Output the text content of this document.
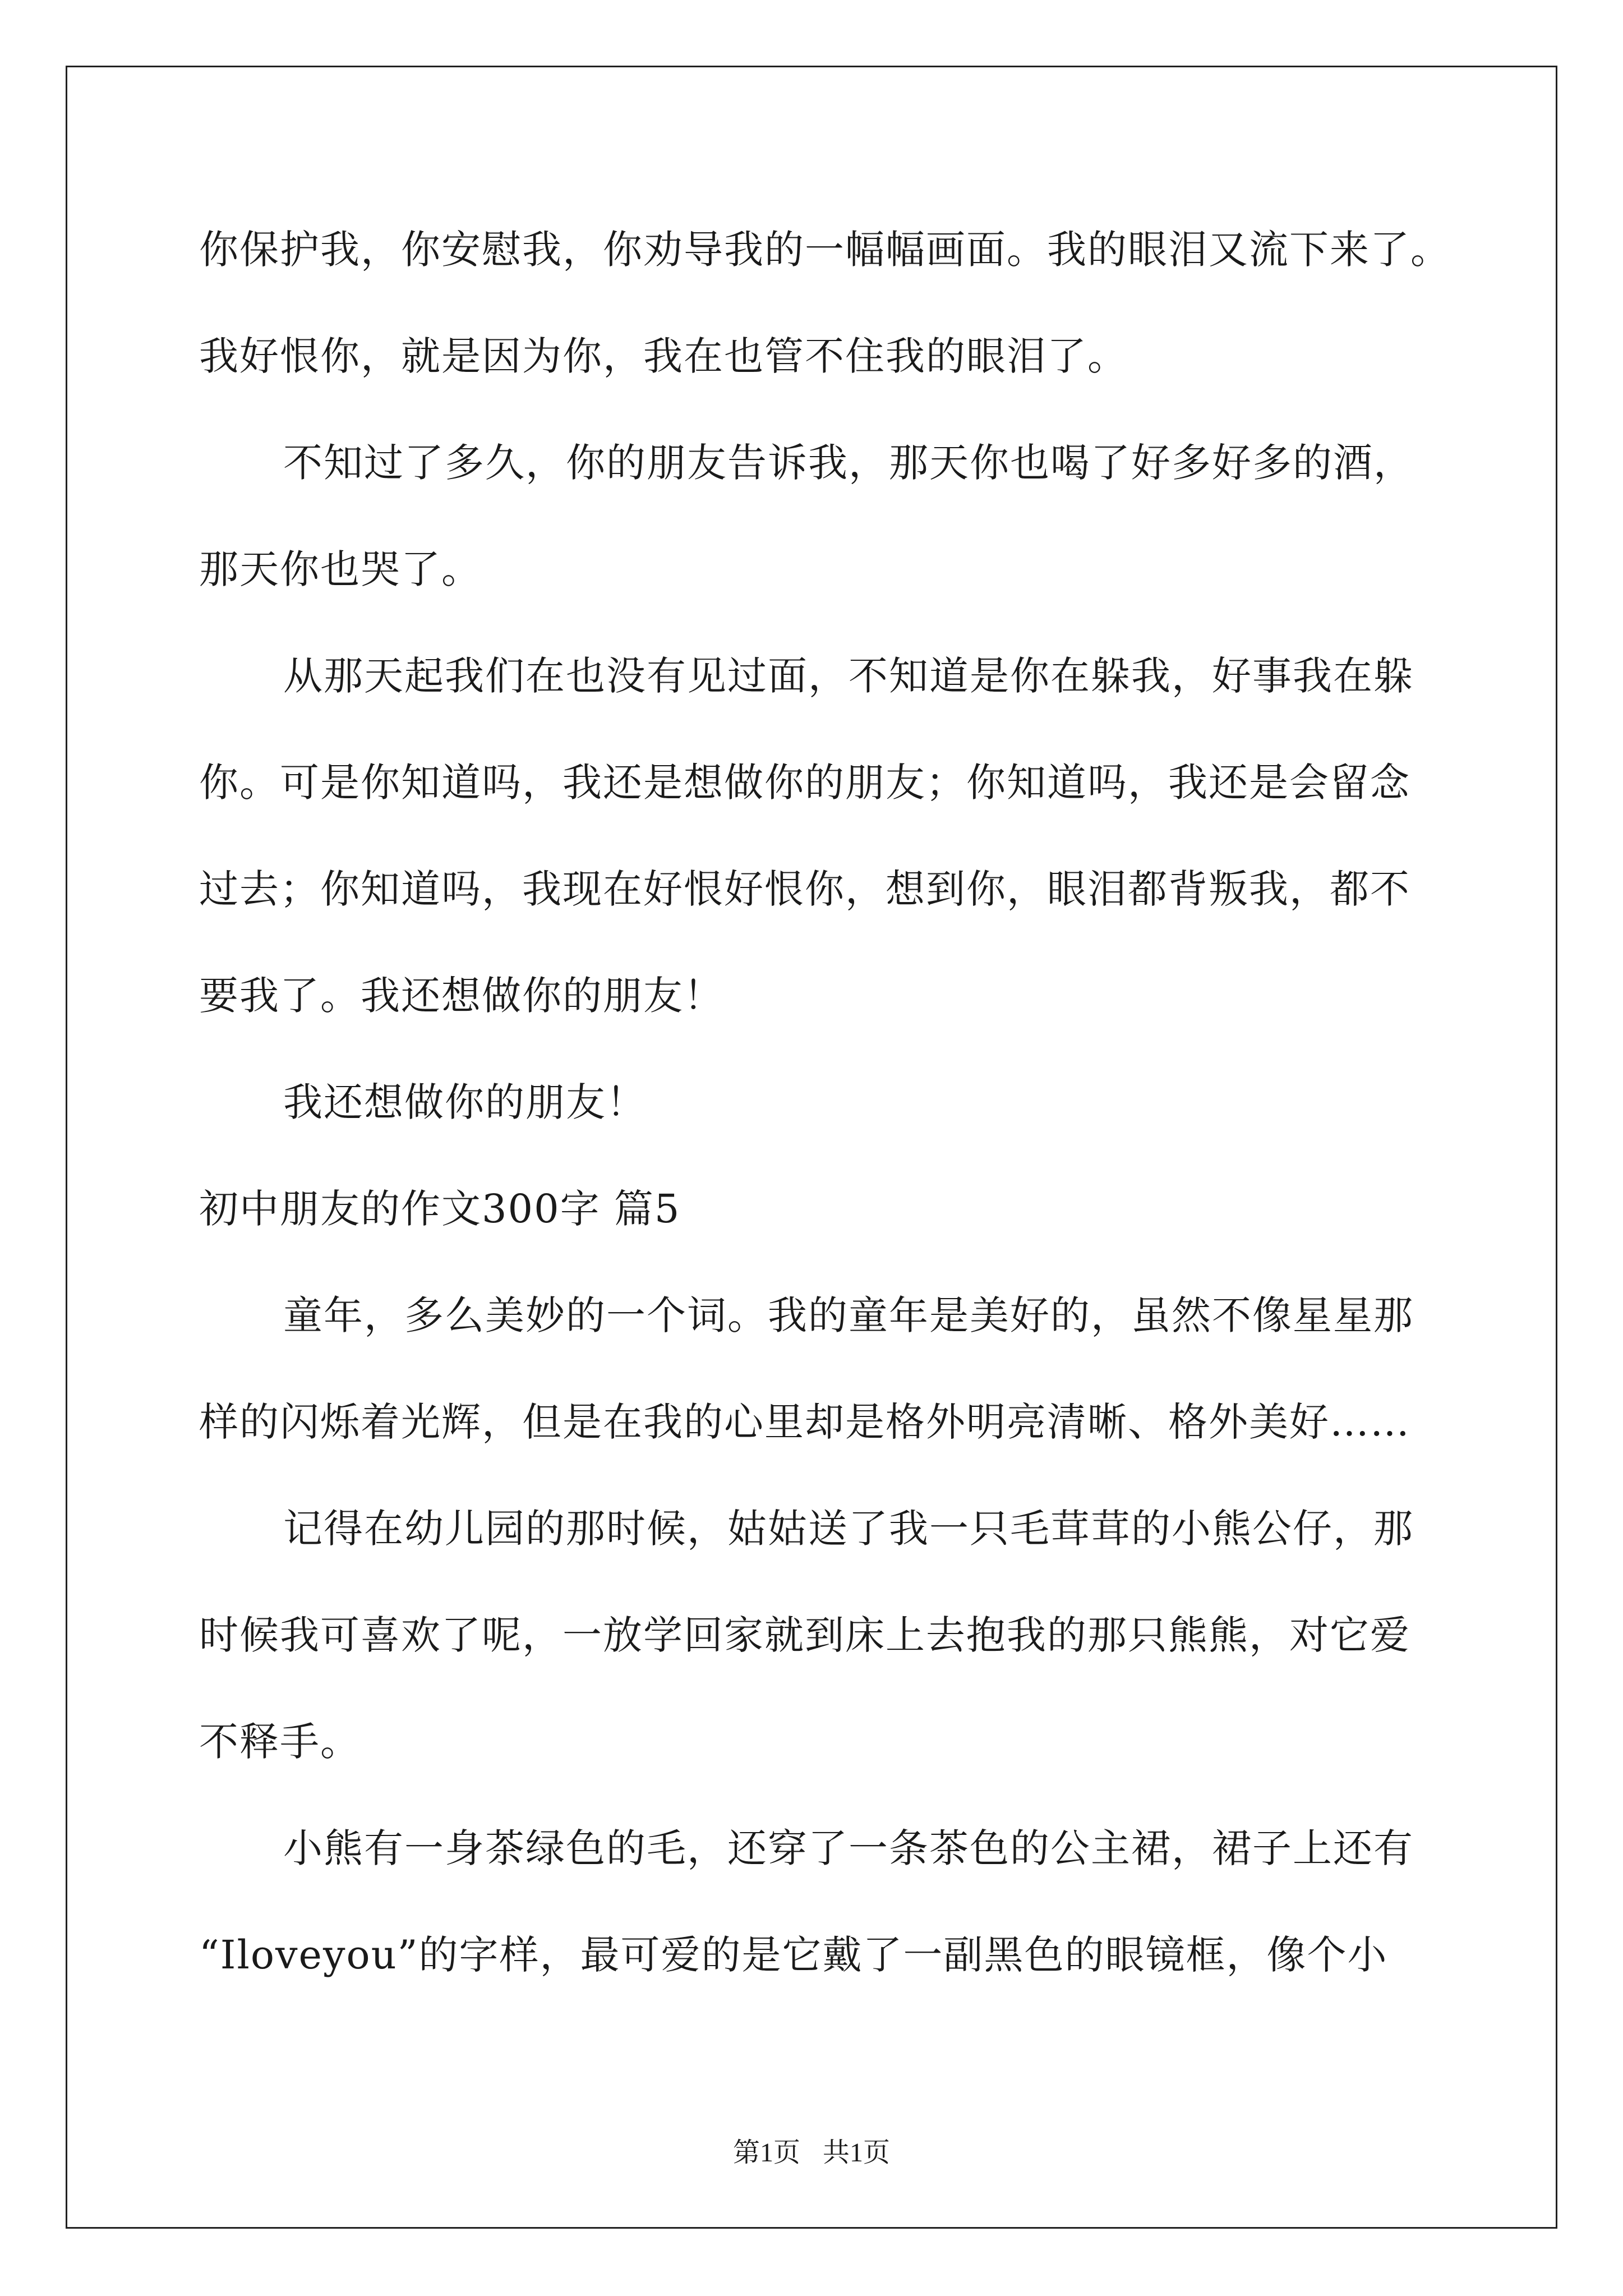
你保护我，你安慰我，你劝导我的一幅幅画面。我的眼泪又流下来了。
我好恨你，就是因为你，我在也管不住我的眼泪了。
不知过了多久，你的朋友告诉我，那天你也喝了好多好多的酒，
那天你也哭了。
从那天起我们在也没有见过面，不知道是你在躲我，好事我在躲
你。可是你知道吗，我还是想做你的朋友；你知道吗，我还是会留念
过去；你知道吗，我现在好恨好恨你，想到你，眼泪都背叛我，都不
要我了。我还想做你的朋友！
我还想做你的朋友！
初中朋友的作文300字 篇5
童年，多么美妙的一个词。我的童年是美好的，虽然不像星星那
样的闪烁着光辉，但是在我的心里却是格外明亮清晰、格外美好……
记得在幼儿园的那时候，姑姑送了我一只毛茸茸的小熊公仔，那
时候我可喜欢了呢，一放学回家就到床上去抱我的那只熊熊，对它爱
不释手。
小熊有一身茶绿色的毛，还穿了一条茶色的公主裙，裙子上还有
“Iloveyou”的字样，最可爱的是它戴了一副黑色的眼镜框，像个小
第1页 共1页
